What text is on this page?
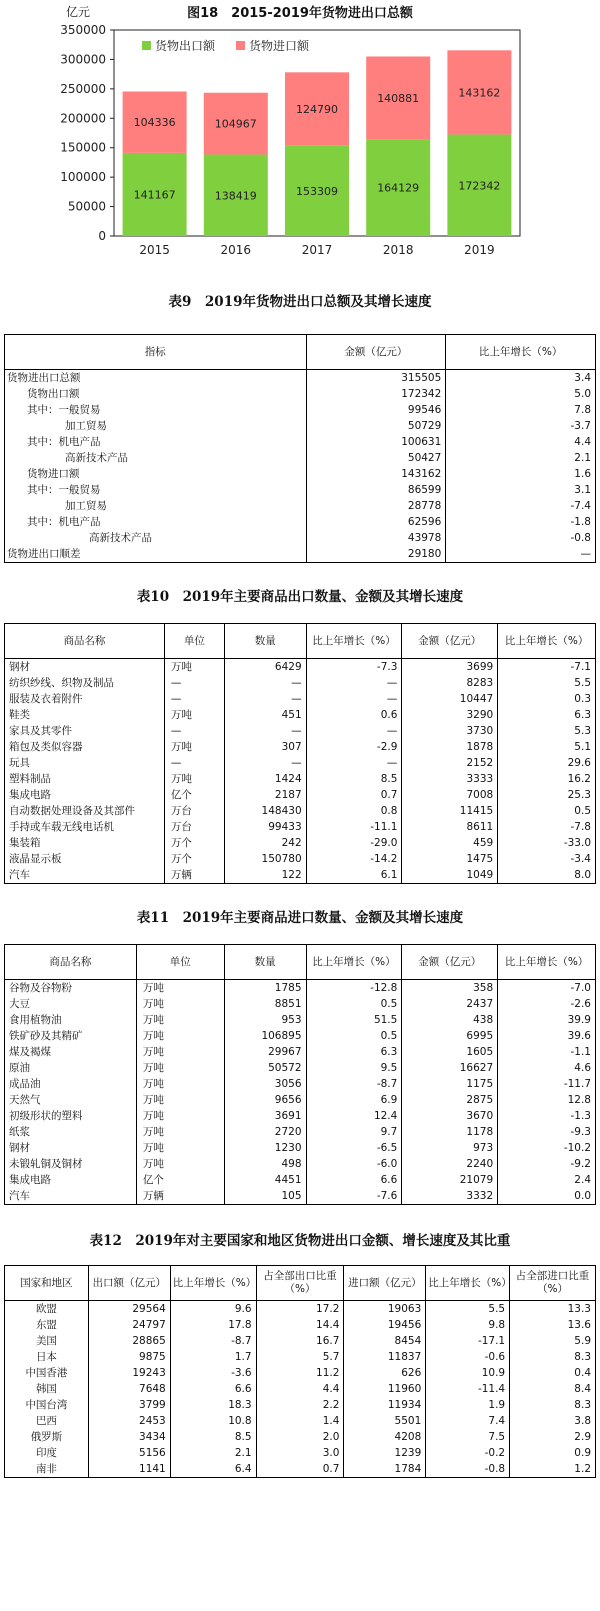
图18　2015-2019年货物进出口总额
0
50000
100000
150000
200000
250000
300000
350000
亿元
141167
104336
2015
138419
104967
2016
153309
124790
2017
164129
140881
2018
172342
143162
2019
货物出口额	货物进口额
表9　2019年货物进出口总额及其增长速度
指标	金额（亿元）	比上年增长（%）
货物进出口总额	315505	3.4
货物出口额	172342	5.0
其中：一般贸易	99546	7.8
加工贸易	50729	-3.7
其中：机电产品	100631	4.4
高新技术产品	50427	2.1
货物进口额	143162	1.6
其中：一般贸易	86599	3.1
加工贸易	28778	-7.4
其中：机电产品	62596	-1.8
高新技术产品	43978	-0.8
货物进出口顺差	29180	—
表10　2019年主要商品出口数量、金额及其增长速度
商品名称	单位	数量	比上年增长（%）	金额（亿元）	比上年增长（%）
钢材	万吨	6429	-7.3	3699	-7.1
纺织纱线、织物及制品	—	—	—	8283	5.5
服装及衣着附件	—	—	—	10447	0.3
鞋类	万吨	451	0.6	3290	6.3
家具及其零件	—	—	—	3730	5.3
箱包及类似容器	万吨	307	-2.9	1878	5.1
玩具	—	—	—	2152	29.6
塑料制品	万吨	1424	8.5	3333	16.2
集成电路	亿个	2187	0.7	7008	25.3
自动数据处理设备及其部件	万台	148430	0.8	11415	0.5
手持或车载无线电话机	万台	99433	-11.1	8611	-7.8
集装箱	万个	242	-29.0	459	-33.0
液晶显示板	万个	150780	-14.2	1475	-3.4
汽车	万辆	122	6.1	1049	8.0
表11　2019年主要商品进口数量、金额及其增长速度
商品名称	单位	数量	比上年增长（%）	金额（亿元）	比上年增长（%）
谷物及谷物粉	万吨	1785	-12.8	358	-7.0
大豆	万吨	8851	0.5	2437	-2.6
食用植物油	万吨	953	51.5	438	39.9
铁矿砂及其精矿	万吨	106895	0.5	6995	39.6
煤及褐煤	万吨	29967	6.3	1605	-1.1
原油	万吨	50572	9.5	16627	4.6
成品油	万吨	3056	-8.7	1175	-11.7
天然气	万吨	9656	6.9	2875	12.8
初级形状的塑料	万吨	3691	12.4	3670	-1.3
纸浆	万吨	2720	9.7	1178	-9.3
钢材	万吨	1230	-6.5	973	-10.2
未锻轧铜及铜材	万吨	498	-6.0	2240	-9.2
集成电路	亿个	4451	6.6	21079	2.4
汽车	万辆	105	-7.6	3332	0.0
表12　2019年对主要国家和地区货物进出口金额、增长速度及其比重
国家和地区	出口额（亿元）	比上年增长（%）	占全部出口比重（%）	进口额（亿元）	比上年增长（%）	占全部进口比重（%）
欧盟	29564	9.6	17.2	19063	5.5	13.3
东盟	24797	17.8	14.4	19456	9.8	13.6
美国	28865	-8.7	16.7	8454	-17.1	5.9
日本	9875	1.7	5.7	11837	-0.6	8.3
中国香港	19243	-3.6	11.2	626	10.9	0.4
韩国	7648	6.6	4.4	11960	-11.4	8.4
中国台湾	3799	18.3	2.2	11934	1.9	8.3
巴西	2453	10.8	1.4	5501	7.4	3.8
俄罗斯	3434	8.5	2.0	4208	7.5	2.9
印度	5156	2.1	3.0	1239	-0.2	0.9
南非	1141	6.4	0.7	1784	-0.8	1.2
